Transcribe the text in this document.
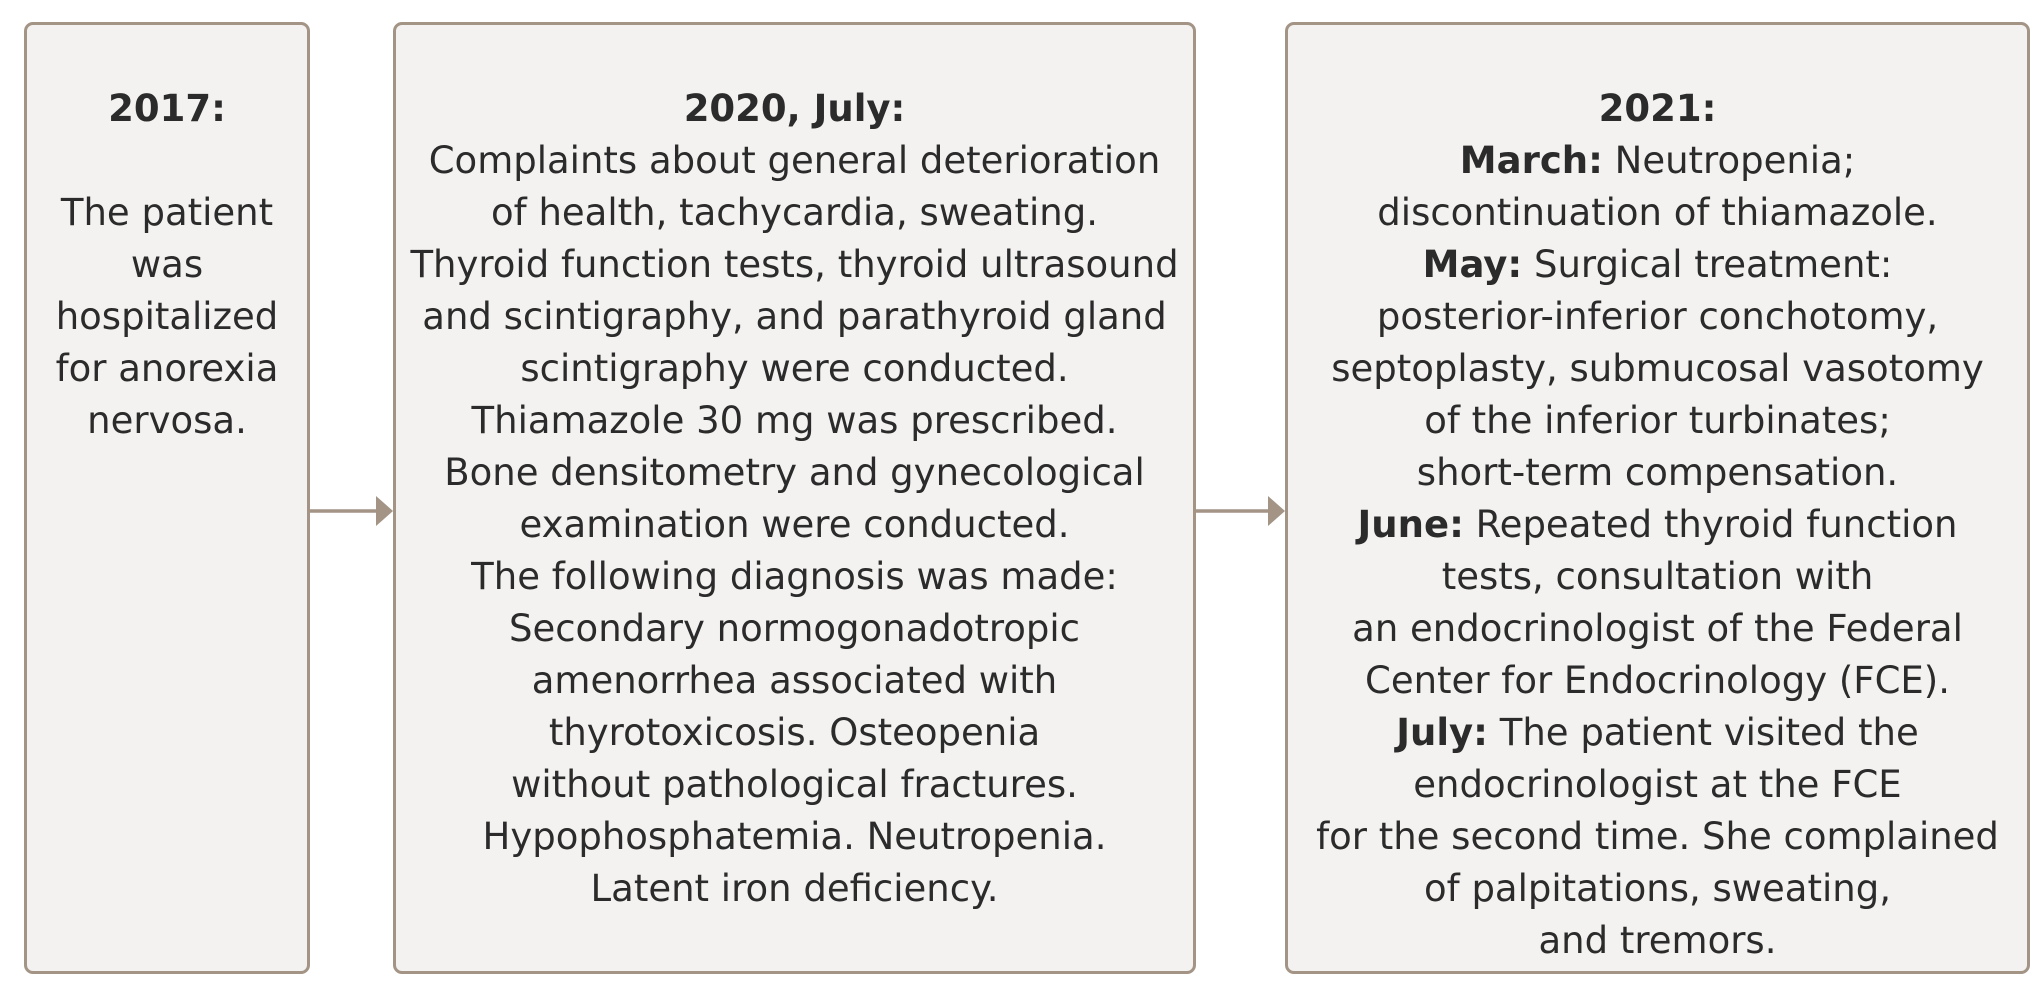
2017:
The patient
was
hospitalized
for anorexia
nervosa.
2020, July:
Complaints about general deterioration
of health, tachycardia, sweating.
Thyroid function tests, thyroid ultrasound
and scintigraphy, and parathyroid gland
scintigraphy were conducted.
Thiamazole 30 mg was prescribed.
Bone densitometry and gynecological
examination were conducted.
The following diagnosis was made:
Secondary normogonadotropic
amenorrhea associated with
thyrotoxicosis. Osteopenia
without pathological fractures.
Hypophosphatemia. Neutropenia.
Latent iron deficiency.
2021:
March: Neutropenia;
discontinuation of thiamazole.
May: Surgical treatment:
posterior-inferior conchotomy,
septoplasty, submucosal vasotomy
of the inferior turbinates;
short-term compensation.
June: Repeated thyroid function
tests, consultation with
an endocrinologist of the Federal
Center for Endocrinology (FCE).
July: The patient visited the
endocrinologist at the FCE
for the second time. She complained
of palpitations, sweating,
and tremors.
